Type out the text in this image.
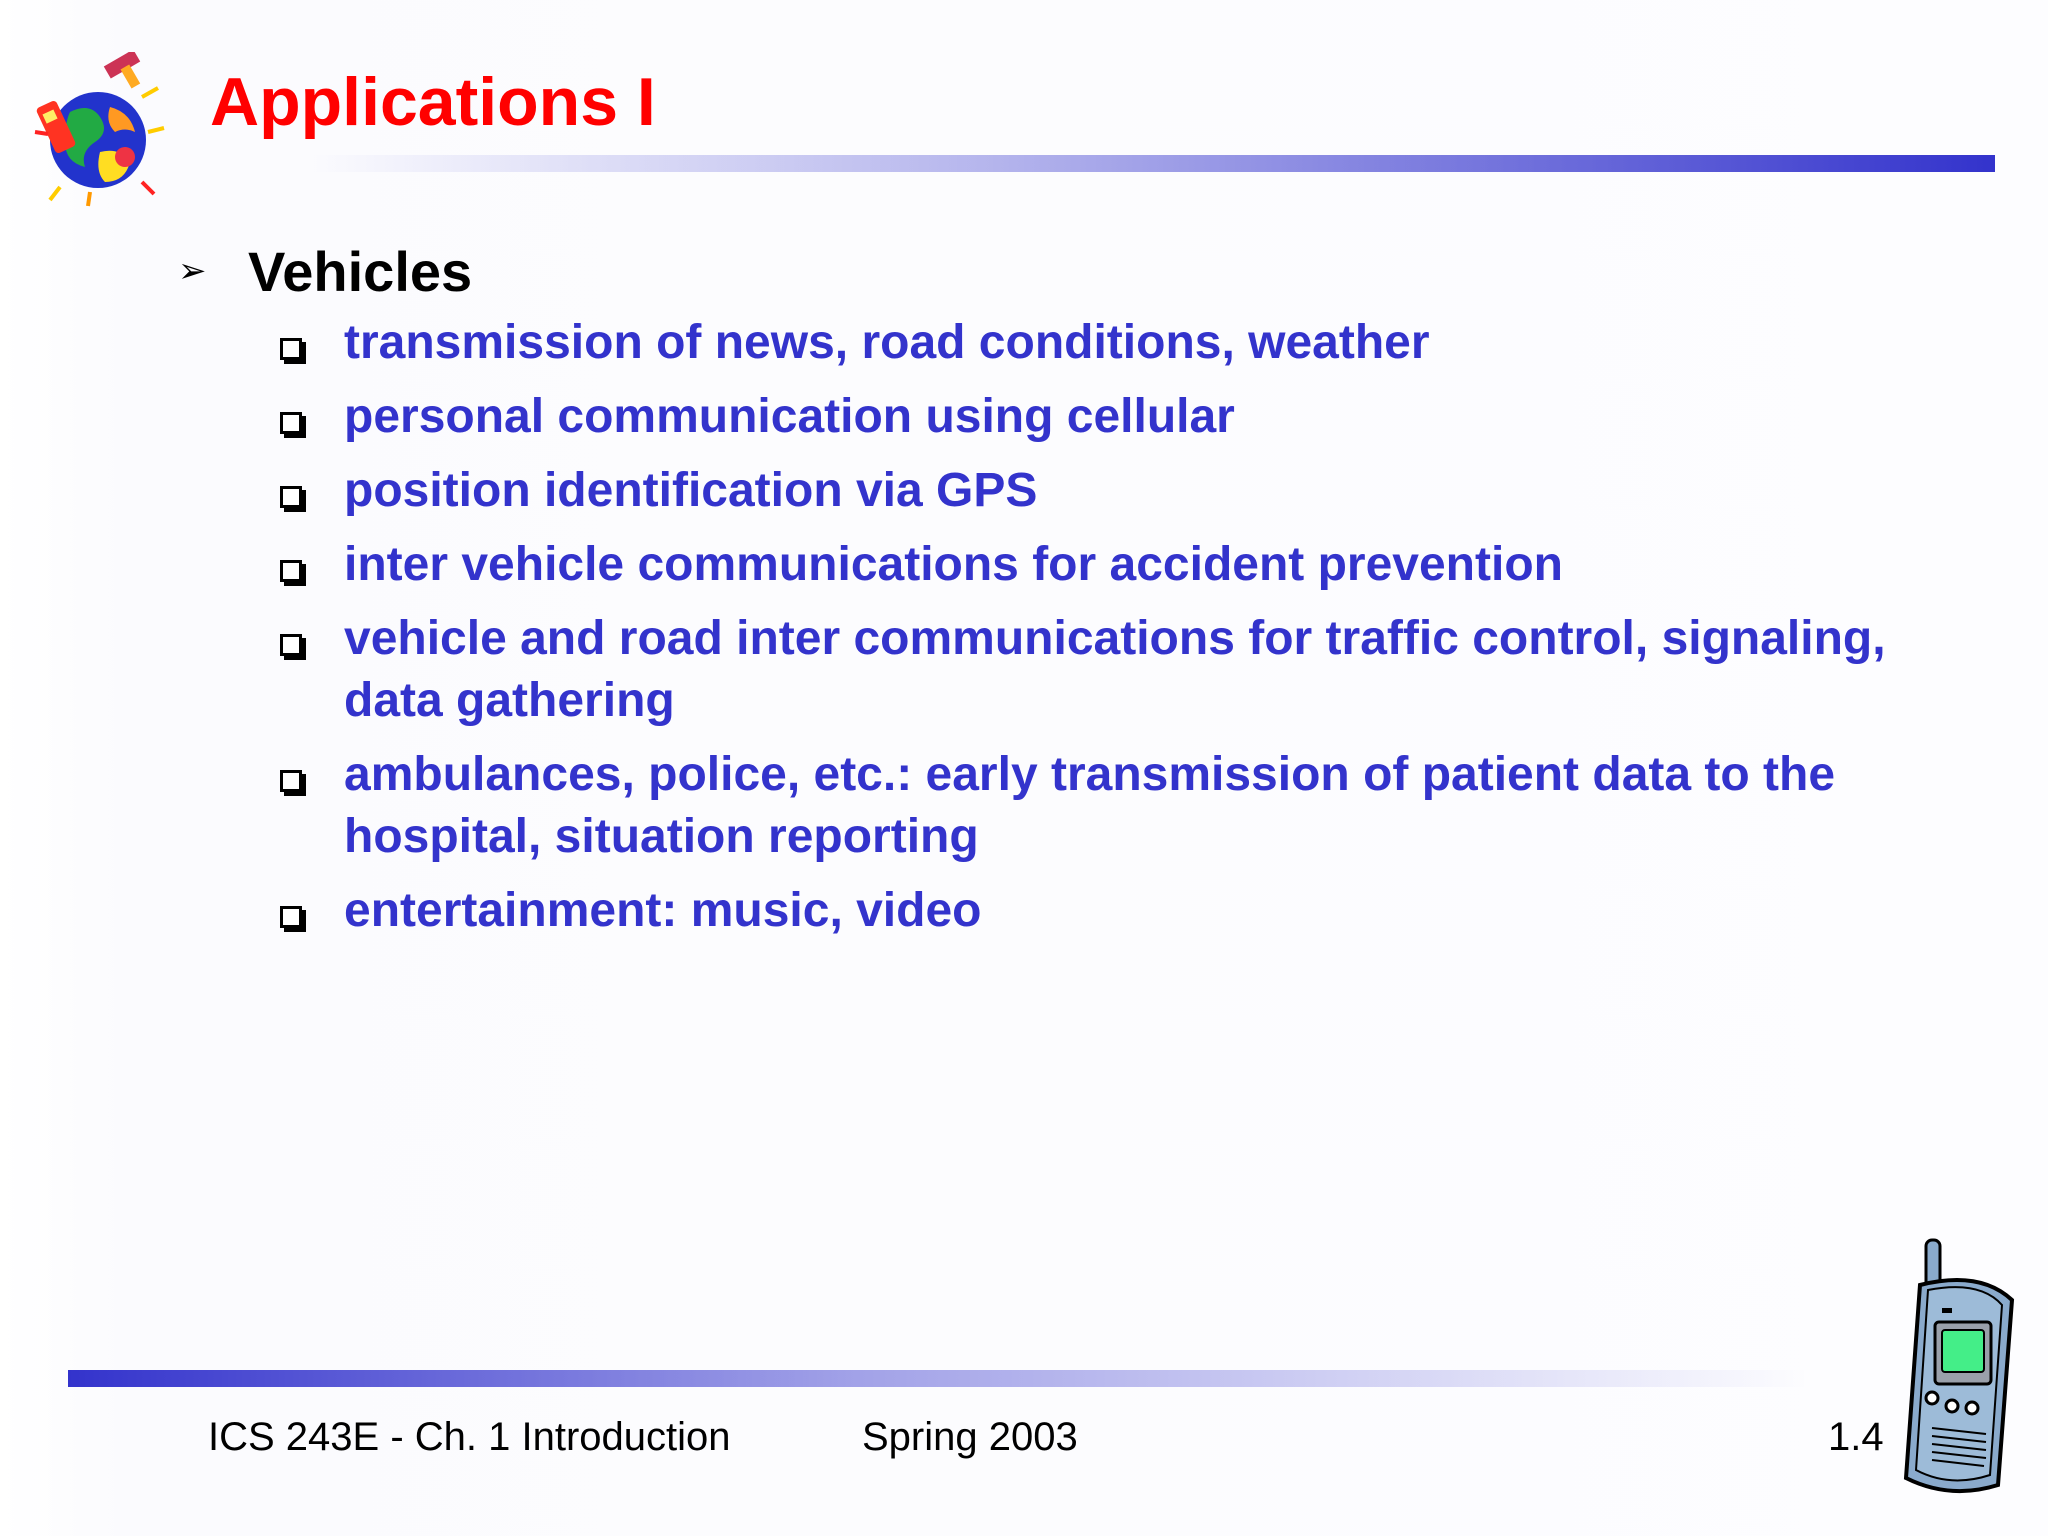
Applications I
➢ Vehicles
transmission of news, road conditions, weather
personal communication using cellular
position identification via GPS
inter vehicle communications for accident prevention
vehicle and road inter communications for traffic control, signaling, data gathering
ambulances, police, etc.: early transmission of patient data to the hospital, situation reporting
entertainment: music, video
ICS 243E - Ch. 1 Introduction	Spring 2003	1.4
